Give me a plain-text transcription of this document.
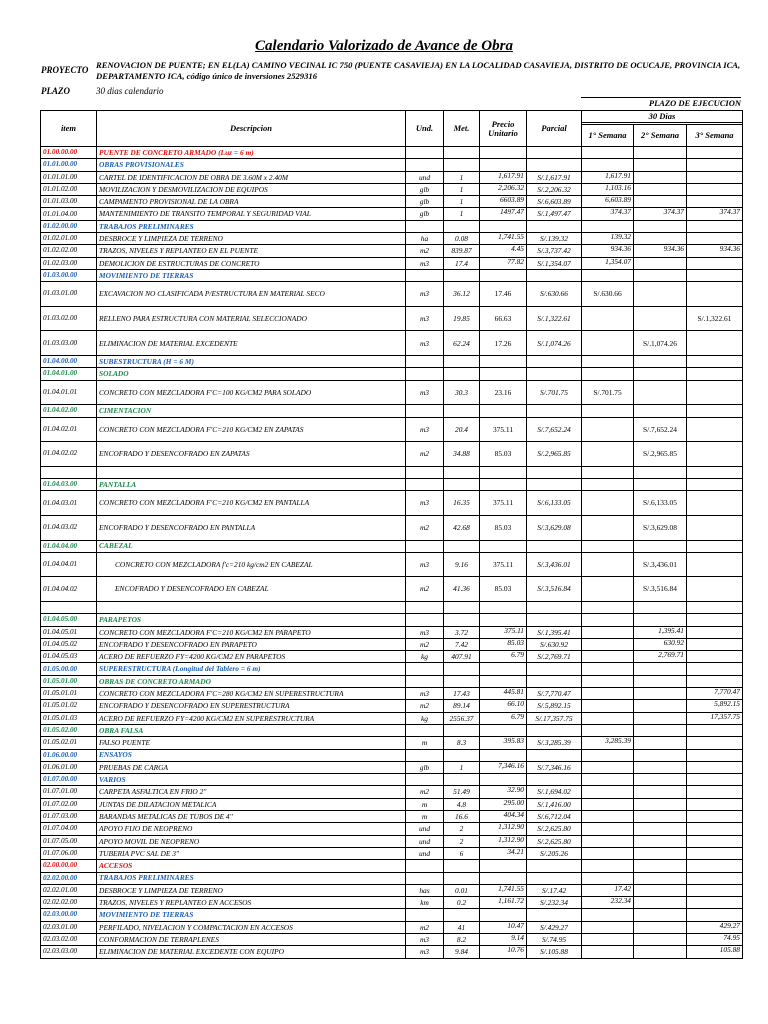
Calendario Valorizado de Avance de Obra
PROYECTO RENOVACION DE PUENTE; EN EL(LA) CAMINO VECINAL IC 750 (PUENTE CASAVIEJA) EN LA LOCALIDAD CASAVIEJA, DISTRITO DE OCUCAJE, PROVINCIA ICA,
DEPARTAMENTO ICA, código único de inversiones 2529316
PLAZO	30 dias calendario
PLAZO DE EJECUCION
item	Descripcion	Und.	Met.	Precio
Unitario	Parcial	30 Dias		

						1° Semana	2° Semana	3° Semana
01.00.00.00	PUENTE DE CONCRETO ARMADO (Luz = 6 m)							
01.01.00.00	OBRAS PROVISIONALES							
01.01.01.00	CARTEL DE IDENTIFICACION DE OBRA DE 3.60M x 2.40M	und	1	1,617.91	S/.1,617.91	1,617.91		
01.01.02.00	MOVILIZACION Y DESMOVILIZACION DE EQUIPOS	glb	1	2,206.32	S/.2,206.32	1,103.16		
01.01.03.00	CAMPAMENTO PROVISIONAL DE LA OBRA	glb	1	6603.89	S/.6,603.89	6,603.89		
01.01.04.00	MANTENIMIENTO DE TRANSITO TEMPORAL Y SEGURIDAD VIAL	glb	1	1497.47	S/.1,497.47	374.37	374.37	374.37
01.02.00.00	TRABAJOS PRELIMINARES							
01.02.01.00	DESBROCE Y LIMPIEZA DE TERRENO	ha	0.08	1,741.55	S/.139.32	139.32		
01.02.02.00	TRAZOS, NIVELES Y REPLANTEO EN EL PUENTE	m2	839.87	4.45	S/.3,737.42	934.36	934.36	934.36
01.02.03.00	DEMOLICION DE ESTRUCTURAS DE CONCRETO	m3	17.4	77.82	S/.1,354.07	1,354.07		
01.03.00.00	MOVIMIENTO DE TIERRAS							
01.03.01.00	EXCAVACION NO CLASIFICADA P/ESTRUCTURA EN MATERIAL SECO	m3	36.12	17.46	S/.630.66	S/.630.66		
01.03.02.00	RELLENO PARA ESTRUCTURA CON MATERIAL SELECCIONADO	m3	19.85	66.63	S/.1,322.61			S/.1,322.61
01.03.03.00	ELIMINACION DE MATERIAL EXCEDENTE	m3	62.24	17.26	S/.1,074.26		S/.1,074.26	
01.04.00.00	SUBESTRUCTURA (H = 6 M)							
01.04.01.00	SOLADO							
01.04.01.01	CONCRETO CON MEZCLADORA F'C=100 KG/CM2 PARA SOLADO	m3	30.3	23.16	S/.701.75	S/.701.75		
01.04.02.00	CIMENTACION							
01.04.02.01	CONCRETO CON MEZCLADORA F'C=210 KG/CM2 EN ZAPATAS	m3	20.4	375.11	S/.7,652.24		S/.7,652.24	
01.04.02.02	ENCOFRADO Y DESENCOFRADO EN ZAPATAS	m2	34.88	85.03	S/.2,965.85		S/.2,965.85	

01.04.03.00	PANTALLA							
01.04.03.01	CONCRETO CON MEZCLADORA F'C=210 KG/CM2 EN PANTALLA	m3	16.35	375.11	S/.6,133.05		S/.6,133.05	
01.04.03.02	ENCOFRADO Y DESENCOFRADO EN PANTALLA	m2	42.68	85.03	S/.3,629.08		S/.3,629.08	
01.04.04.00	CABEZAL							
01.04.04.01	CONCRETO CON MEZCLADORA f'c=210 kg/cm2 EN CABEZAL	m3	9.16	375.11	S/.3,436.01		S/.3,436.01	
01.04.04.02	ENCOFRADO Y DESENCOFRADO EN CABEZAL	m2	41.36	85.03	S/.3,516.84		S/.3,516.84	

01.04.05.00	PARAPETOS							
01.04.05.01	CONCRETO CON MEZCLADORA F'C=210 KG/CM2 EN PARAPETO	m3	3.72	375.11	S/.1,395.41		1,395.41	
01.04.05.02	ENCOFRADO Y DESENCOFRADO EN PARAPETO	m2	7.42	85.03	S/.630.92		630.92	
01.04.05.03	ACERO DE REFUERZO FY=4200 KG/CM2 EN PARAPETOS	kg	407.91	6.79	S/.2,769.71		2,769.71	
01.05.00.00	SUPERESTRUCTURA (Longitud del Tablero = 6 m)							
01.05.01.00	OBRAS DE CONCRETO ARMADO							
01.05.01.01	CONCRETO CON MEZCLADORA F'C=280 KG/CM2 EN SUPERESTRUCTURA	m3	17.43	445.81	S/.7,770.47			7,770.47
01.05.01.02	ENCOFRADO Y DESENCOFRADO EN SUPERESTRUCTURA	m2	89.14	66.10	S/.5,892.15			5,892.15
01.05.01.03	ACERO DE REFUERZO FY=4200 KG/CM2 EN SUPERESTRUCTURA	kg	2556.37	6.79	S/.17,357.75			17,357.75
01.05.02.00	OBRA FALSA							
01.05.02.01	FALSO PUENTE	m	8.3	395.83	S/.3,285.39	3,285.39		
01.06.00.00	ENSAYOS							
01.06.01.00	PRUEBAS DE CARGA	glb	1	7,346.16	S/.7,346.16			
01.07.00.00	VARIOS							
01.07.01.00	CARPETA ASFALTICA EN FRIO 2"	m2	51.49	32.90	S/.1,694.02			
01.07.02.00	JUNTAS DE DILATACION METALICA	m	4.8	295.00	S/.1,416.00			
01.07.03.00	BARANDAS METALICAS DE TUBOS DE 4"	m	16.6	404.34	S/.6,712.04			
01.07.04.00	APOYO FIJO DE NEOPRENO	und	2	1,312.90	S/.2,625.80			
01.07.05.00	APOYO MOVIL DE NEOPRENO	und	2	1,312.90	S/.2,625.80			
01.07.06.00	TUBERIA PVC SAL DE 3"	und	6	34.21	S/.205.26			
02.00.00.00	ACCESOS							
02.02.00.00	TRABAJOS PRELIMINARES							
02.02.01.00	DESBROCE Y LIMPIEZA DE TERRENO	has	0.01	1,741.55	S/.17.42	17.42		
02.02.02.00	TRAZOS, NIVELES Y REPLANTEO EN ACCESOS	km	0.2	1,161.72	S/.232.34	232.34		
02.03.00.00	MOVIMIENTO DE TIERRAS							
02.03.01.00	PERFILADO, NIVELACION Y COMPACTACION EN ACCESOS	m2	41	10.47	S/.429.27			429.27
02.03.02.00	CONFORMACION DE TERRAPLENES	m3	8.2	9.14	S/.74.95			74.95
02.03.03.00	ELIMINACION DE MATERIAL EXCEDENTE CON EQUIPO	m3	9.84	10.76	S/.105.88			105.88
